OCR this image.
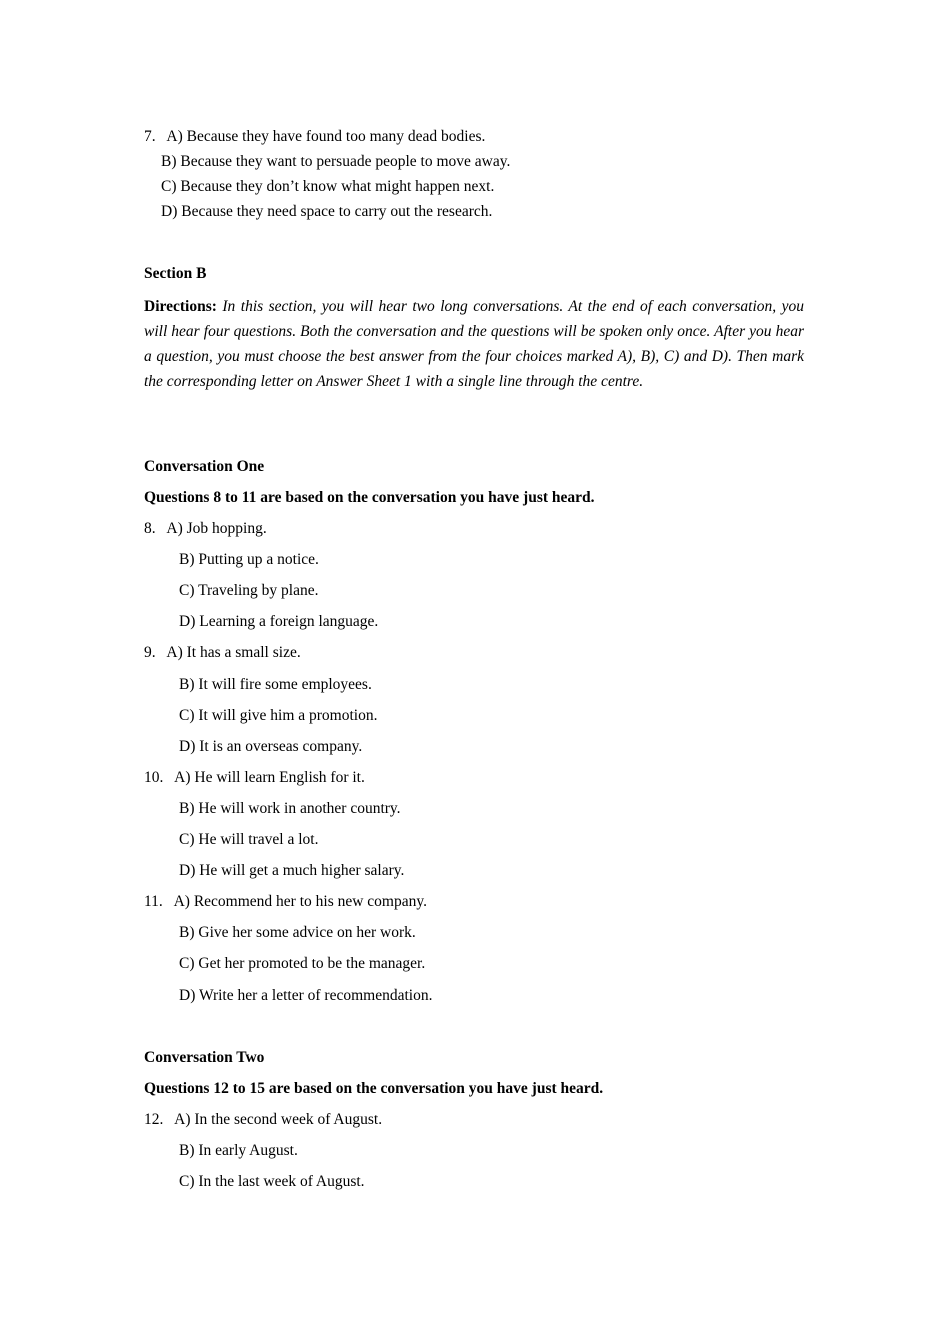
7. A) Because they have found too many dead bodies.
B) Because they want to persuade people to move away.
C) Because they don’t know what might happen next.
D) Because they need space to carry out the research.
Section B
Directions: In this section, you will hear two long conversations. At the end of each conversation, you will hear four questions. Both the conversation and the questions will be spoken only once. After you hear a question, you must choose the best answer from the four choices marked A), B), C) and D). Then mark the corresponding letter on Answer Sheet 1 with a single line through the centre.
Conversation One
Questions 8 to 11 are based on the conversation you have just heard.
8. A) Job hopping.
B) Putting up a notice.
C) Traveling by plane.
D) Learning a foreign language.
9. A) It has a small size.
B) It will fire some employees.
C) It will give him a promotion.
D) It is an overseas company.
10. A) He will learn English for it.
B) He will work in another country.
C) He will travel a lot.
D) He will get a much higher salary.
11. A) Recommend her to his new company.
B) Give her some advice on her work.
C) Get her promoted to be the manager.
D) Write her a letter of recommendation.
Conversation Two
Questions 12 to 15 are based on the conversation you have just heard.
12. A) In the second week of August.
B) In early August.
C) In the last week of August.
